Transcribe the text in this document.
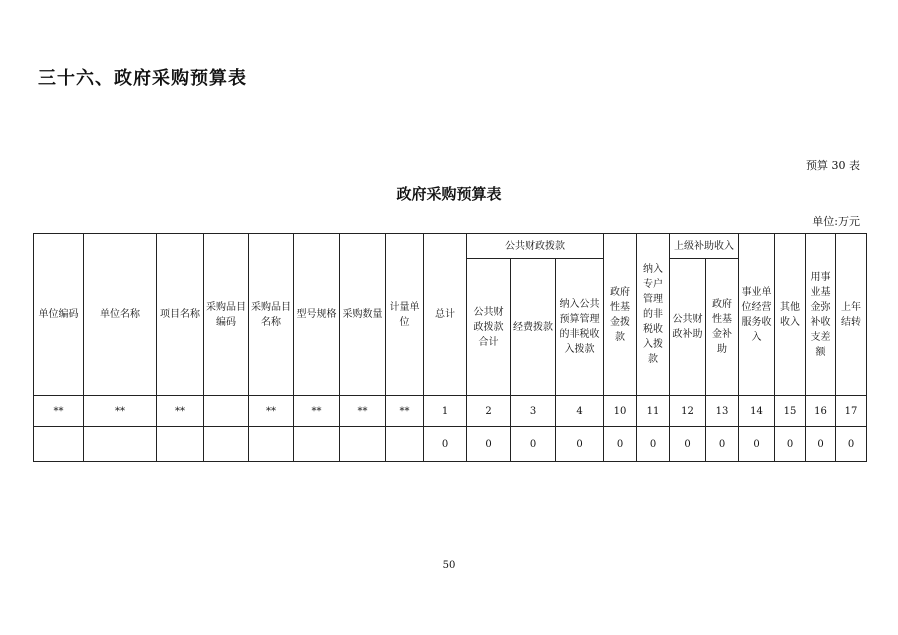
三十六、政府采购预算表
预算 30 表
政府采购预算表
单位:万元
单位编码	单位名称	项目名称	采购品目编码	采购品目名称	型号规格	采购数量	计量单位	总计	公共财政拨款			政府性基金拨款	纳入专户管理的非税收入拨款	上级补助收入		事业单位经营服务收入	其他收入	用事业基金弥补收支差额	上年结转
									公共财政拨款合计	经费拨款	纳入公共预算管理的非税收入拨款								
														公共财政补助	政府性基金补助				
**	**	**		**	**	**	**	1	2	3	4	10	11	12	13	14	15	16	17
								0	0	0	0	0	0	0	0	0	0	0	0
50
